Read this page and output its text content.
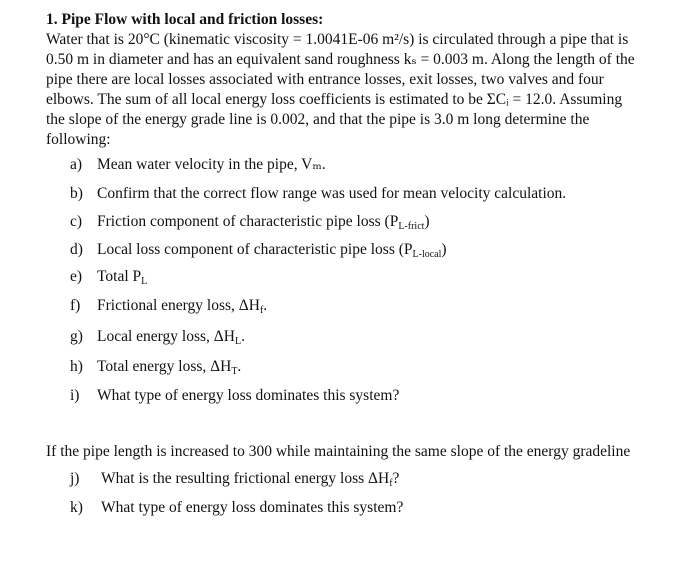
1. Pipe Flow with local and friction losses:

Water that is 20°C (kinematic viscosity = 1.0041E-06 m²/s) is circulated through a pipe that is
0.50 m in diameter and has an equivalent sand roughness kₛ = 0.003 m. Along the length of the
pipe there are local losses associated with entrance losses, exit losses, two valves and four
elbows. The sum of all local energy loss coefficients is estimated to be ΣCᵢ = 12.0. Assuming
the slope of the energy grade line is 0.002, and that the pipe is 3.0 m long determine the
following:
a) Mean water velocity in the pipe, Vₘ.
b) Confirm that the correct flow range was used for mean velocity calculation.
c) Friction component of characteristic pipe loss $(P_{L-frict})$
d) Local loss component of characteristic pipe loss $(P_{L-local})$
e) Total $P_L$
f) Frictional energy loss, $\Delta H_f$.
g) Local energy loss, $\Delta H_L$.
h) Total energy loss, $\Delta H_T$.
i) What type of energy loss dominates this system?
If the pipe length is increased to 300 while maintaining the same slope of the energy gradeline
j) What is the resulting frictional energy loss $\Delta H_f$?
k) What type of energy loss dominates this system?
